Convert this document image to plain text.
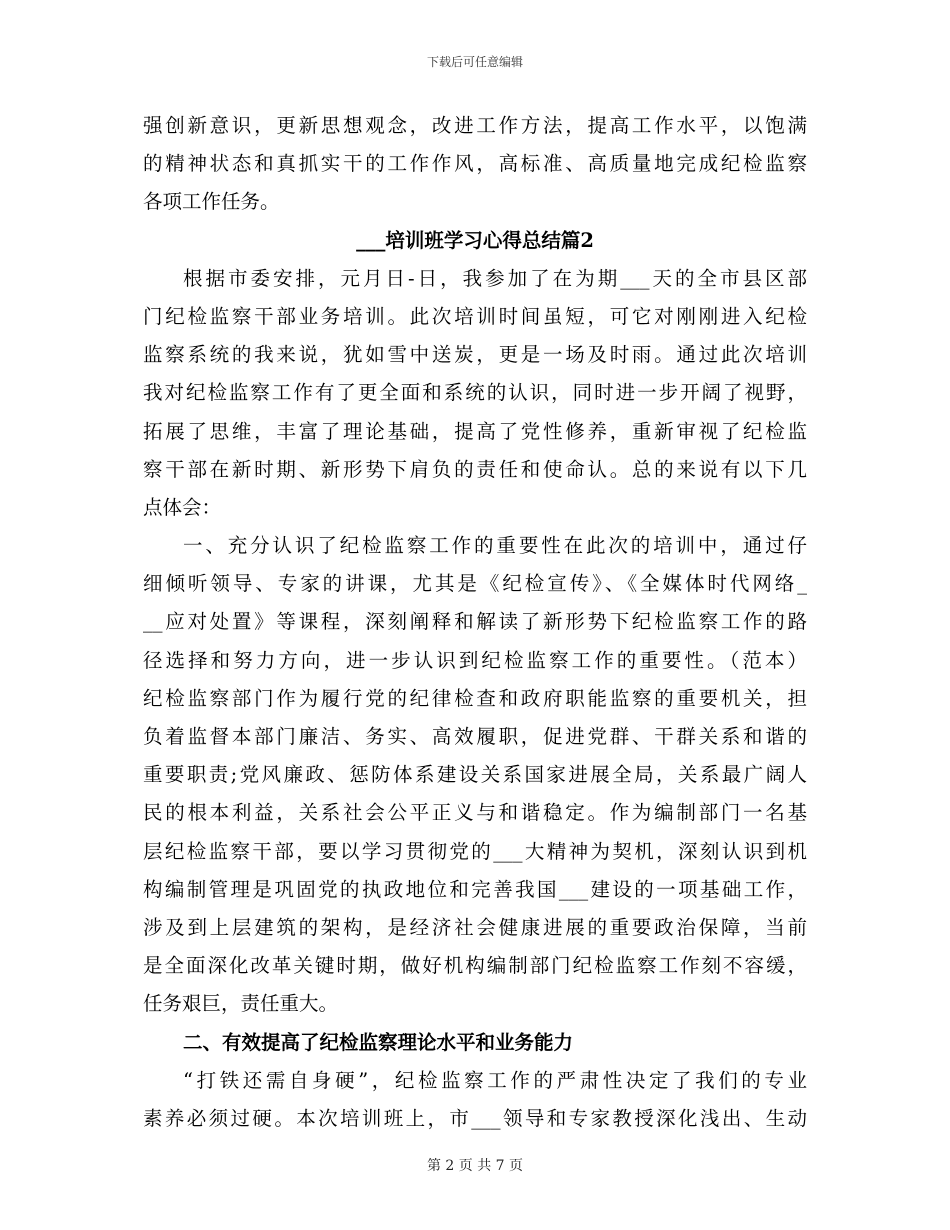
下载后可任意编辑
强创新意识，更新思想观念，改进工作方法，提高工作水平，以饱满
的精神状态和真抓实干的工作作风，高标准、高质量地完成纪检监察
各项工作任务。
___培训班学习心得总结篇2
根据市委安排，元月日-日，我参加了在为期___天的全市县区部
门纪检监察干部业务培训。此次培训时间虽短，可它对刚刚进入纪检
监察系统的我来说，犹如雪中送炭，更是一场及时雨。通过此次培训
我对纪检监察工作有了更全面和系统的认识，同时进一步开阔了视野，
拓展了思维，丰富了理论基础，提高了党性修养，重新审视了纪检监
察干部在新时期、新形势下肩负的责任和使命认。总的来说有以下几
点体会：
一、充分认识了纪检监察工作的重要性在此次的培训中，通过仔
细倾听领导、专家的讲课，尤其是《纪检宣传》、《全媒体时代网络_
__应对处置》等课程，深刻阐释和解读了新形势下纪检监察工作的路
径选择和努力方向，进一步认识到纪检监察工作的重要性。（范本）
纪检监察部门作为履行党的纪律检查和政府职能监察的重要机关，担
负着监督本部门廉洁、务实、高效履职，促进党群、干群关系和谐的
重要职责;党风廉政、惩防体系建设关系国家进展全局，关系最广阔人
民的根本利益，关系社会公平正义与和谐稳定。作为编制部门一名基
层纪检监察干部，要以学习贯彻党的___大精神为契机，深刻认识到机
构编制管理是巩固党的执政地位和完善我国___建设的一项基础工作，
涉及到上层建筑的架构，是经济社会健康进展的重要政治保障，当前
是全面深化改革关键时期，做好机构编制部门纪检监察工作刻不容缓，
任务艰巨，责任重大。
二、有效提高了纪检监察理论水平和业务能力
“打铁还需自身硬”，纪检监察工作的严肃性决定了我们的专业
素养必须过硬。本次培训班上，市___领导和专家教授深化浅出、生动
第 2 页 共 7 页
